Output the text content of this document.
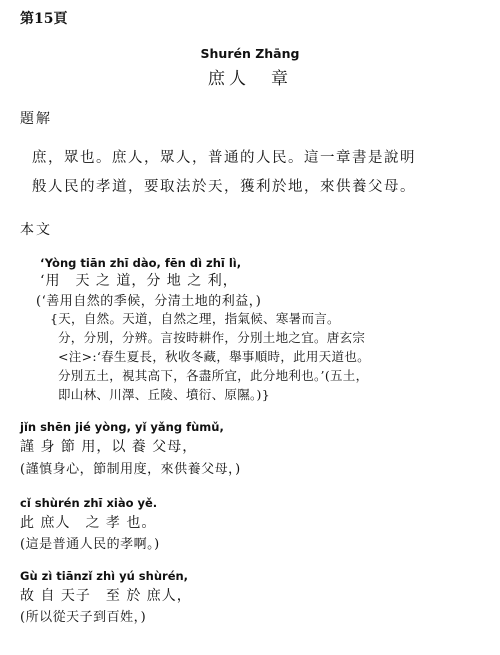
第15頁
Shurén Zhāng
庶人　章
題解
庶，眾也。庶人，眾人，普通的人民。這一章書是說明
般人民的孝道，要取法於天，獲利於地，來供養父母。
本文
‘Yòng tiān zhī dào, fēn dì zhī lì,
‘用　天 之 道，分 地 之 利，
(‘善用自然的季候，分清土地的利益，)
{天，自然。天道，自然之理，指氣候、寒暑而言。
分，分別，分辨。言按時耕作，分別土地之宜。唐玄宗
<注>:‘春生夏長，秋收冬藏，舉事順時，此用天道也。
分別五土，視其高下，各盡所宜，此分地利也。’(五土，
即山林、川澤、丘陵、墳衍、原隰。)}
jǐn shēn jié yòng, yǐ yǎng fùmǔ,
謹 身 節 用，以 養 父母，
(謹慎身心，節制用度，來供養父母，)
cǐ shùrén zhī xiào yě.
此 庶人　之 孝 也。
(這是普通人民的孝啊。)
Gù zì tiānzǐ zhì yú shùrén,
故 自 天子　至 於 庶人，
(所以從天子到百姓，)
